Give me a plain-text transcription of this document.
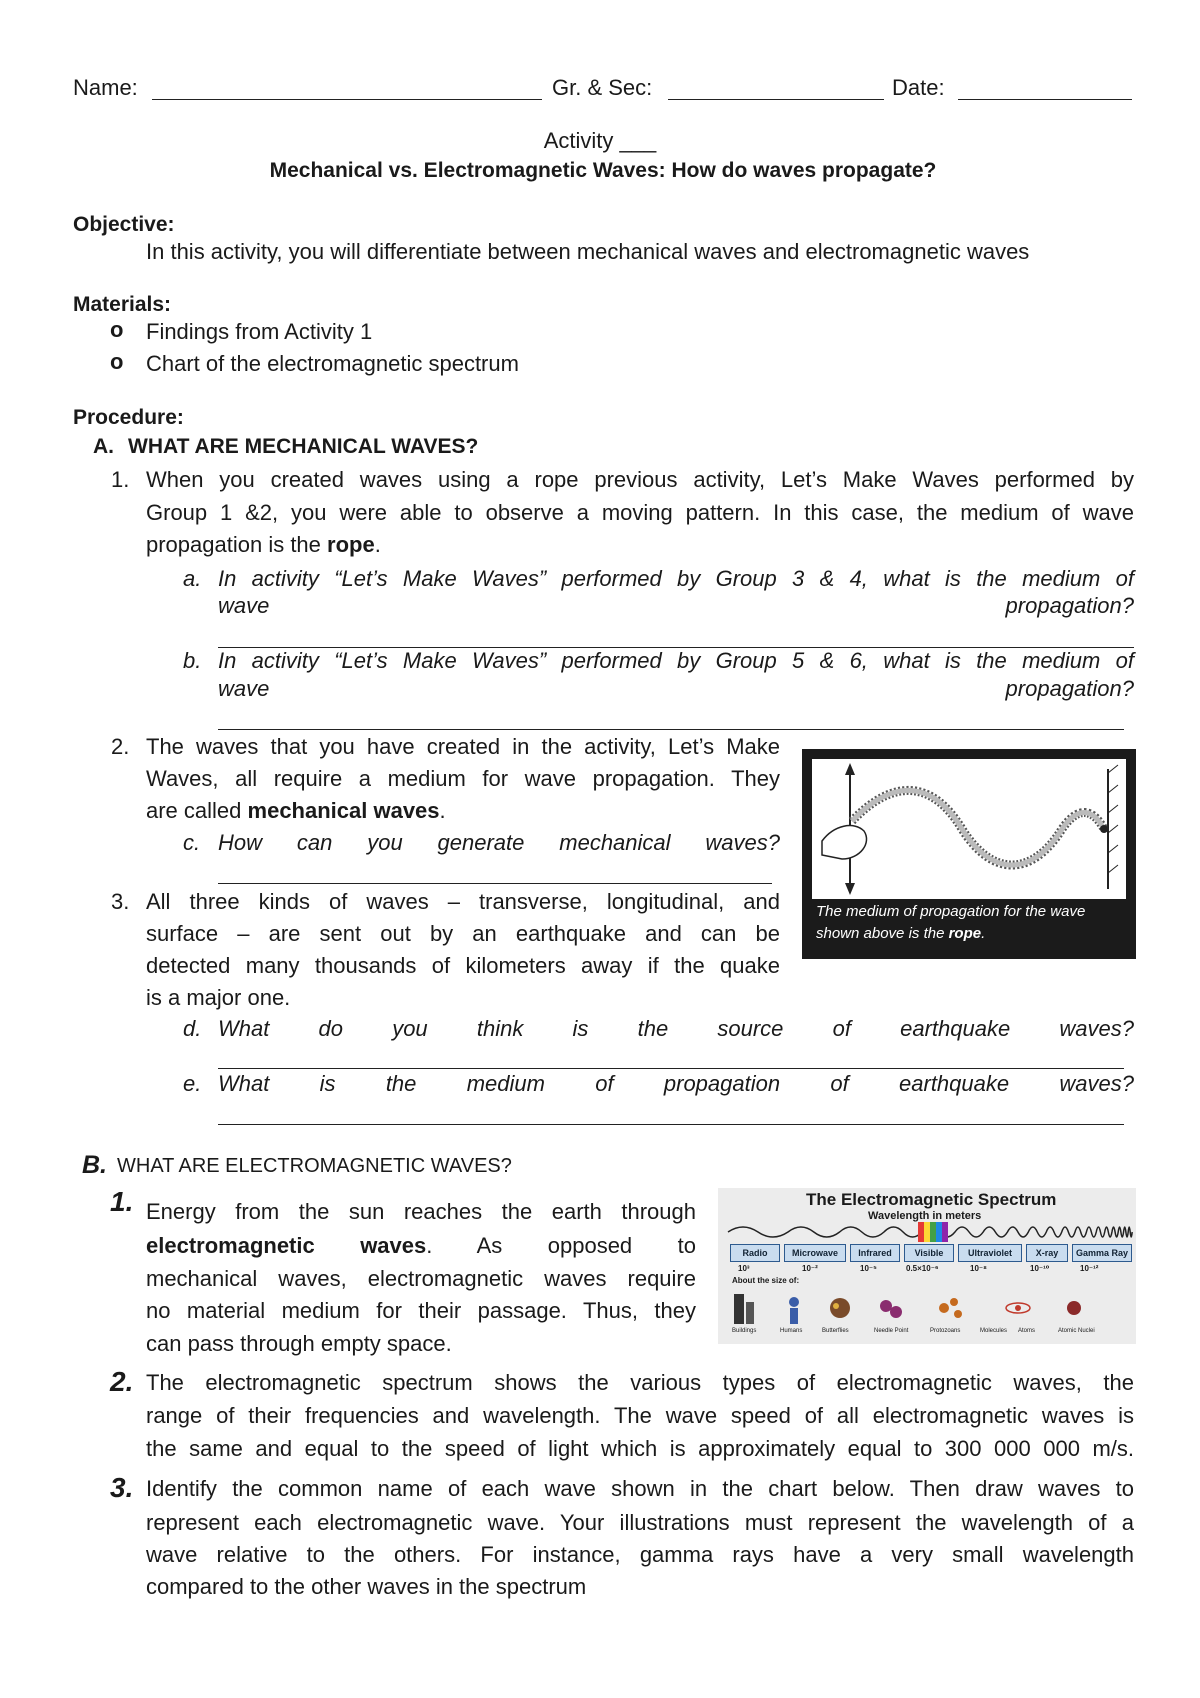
Name:	Gr. & Sec:	Date:
Activity ___
Mechanical vs. Electromagnetic Waves: How do waves propagate?
Objective:
In this activity, you will differentiate between mechanical waves and electromagnetic waves
Materials:
o Findings from Activity 1
o Chart of the electromagnetic spectrum
Procedure:
A. WHAT ARE MECHANICAL WAVES?
1. When you created waves using a rope previous activity, Let’s Make Waves performed by
Group 1 &2, you were able to observe a moving pattern. In this case, the medium of wave
propagation is the rope.
a. In activity “Let’s Make Waves” performed by Group 3 & 4, what is the medium of
wave	propagation?
b. In activity “Let’s Make Waves” performed by Group 5 & 6, what is the medium of
wave	propagation?
2. The waves that you have created in the activity, Let’s Make
Waves, all require a medium for wave propagation. They
are called mechanical waves.
c. How can you generate mechanical waves?
3. All three kinds of waves – transverse, longitudinal, and
surface – are sent out by an earthquake and can be
detected many thousands of kilometers away if the quake
is a major one.
d. What do you think is the source of earthquake waves?
e. What is the medium of propagation of earthquake waves?
The medium of propagation for the wave shown above is the rope.
B. WHAT ARE ELECTROMAGNETIC WAVES?
1. Energy from the sun reaches the earth through
electromagnetic waves. As opposed to
mechanical waves, electromagnetic waves require
no material medium for their passage. Thus, they
can pass through empty space.
The Electromagnetic Spectrum
Wavelength in meters
Radio	Microwave	Infrared	Visible	Ultraviolet	X-ray	Gamma Ray
10³	10⁻²	10⁻⁵	0.5×10⁻⁶	10⁻⁸	10⁻¹⁰	10⁻¹²
About the size of:
Buildings	Humans	Butterflies	Needle Point	Protozoans	Molecules Atoms	Atomic Nuclei
2. The electromagnetic spectrum shows the various types of electromagnetic waves, the
range of their frequencies and wavelength. The wave speed of all electromagnetic waves is
the same and equal to the speed of light which is approximately equal to 300 000 000 m/s.
3. Identify the common name of each wave shown in the chart below. Then draw waves to
represent each electromagnetic wave. Your illustrations must represent the wavelength of a
wave relative to the others. For instance, gamma rays have a very small wavelength
compared to the other waves in the spectrum
